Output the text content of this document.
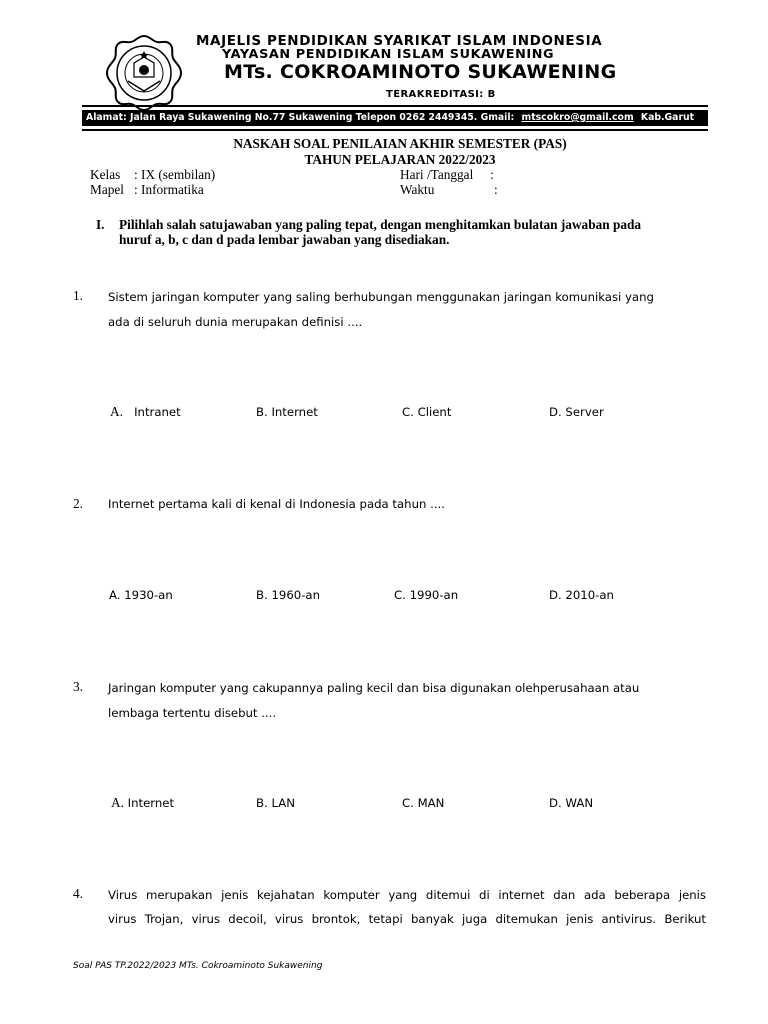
MAJELIS PENDIDIKAN SYARIKAT ISLAM INDONESIA
YAYASAN PENDIDIKAN ISLAM SUKAWENING
MTs. COKROAMINOTO SUKAWENING
TERAKREDITASI: B
Alamat: Jalan Raya Sukawening No.77 Sukawening Telepon 0262 2449345. Gmail: mtscokro@gmail.com Kab.Garut
NASKAH SOAL PENILAIAN AKHIR SEMESTER (PAS)
TAHUN PELAJARAN 2022/2023
Kelas : IX (sembilan)
Mapel : Informatika
Hari /Tanggal :
Waktu	:
I. Pilihlah salah satujawaban yang paling tepat, dengan menghitamkan bulatan jawaban pada
huruf a, b, c dan d pada lembar jawaban yang disediakan.
1. Sistem jaringan komputer yang saling berhubungan menggunakan jaringan komunikasi yang
ada di seluruh dunia merupakan definisi ....
A. Intranet	B. Internet	C. Client	D. Server
2. Internet pertama kali di kenal di Indonesia pada tahun ....
A. 1930-an	B. 1960-an	C. 1990-an	D. 2010-an
3. Jaringan komputer yang cakupannya paling kecil dan bisa digunakan olehperusahaan atau
lembaga tertentu disebut ....
A. Internet	B. LAN	C. MAN	D. WAN
4. Virus merupakan jenis kejahatan komputer yang ditemui di internet dan ada beberapa jenis
virus Trojan, virus decoil, virus brontok, tetapi banyak juga ditemukan jenis antivirus. Berikut
Soal PAS TP.2022/2023 MTs. Cokroaminoto Sukawening
